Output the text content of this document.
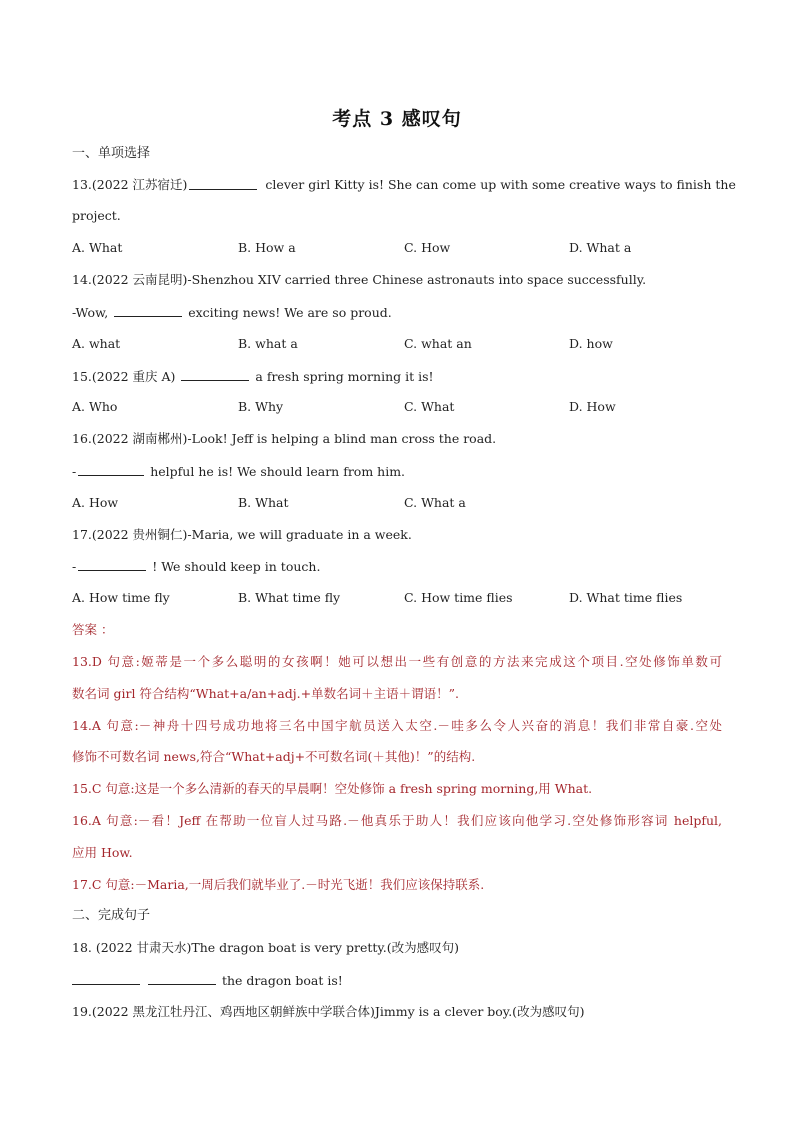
考点 3 感叹句
一、单项选择
13.(2022 江苏宿迁)	clever girl Kitty is! She can come up with some creative ways to finish the
project.
A. What	B. How a	C. How	D. What a
14.(2022 云南昆明)-Shenzhou XIV carried three Chinese astronauts into space successfully.
-Wow,	exciting news! We are so proud.
A. what	B. what a	C. what an	D. how
15.(2022 重庆 A)	a fresh spring morning it is!
A. Who	B. Why	C. What	D. How
16.(2022 湖南郴州)-Look! Jeff is helping a blind man cross the road.
-	helpful he is! We should learn from him.
A. How	B. What	C. What a
17.(2022 贵州铜仁)-Maria, we will graduate in a week.
-	! We should keep in touch.
A. How time fly	B. What time fly	C. How time flies	D. What time flies
答案 ：
13.D 句意:姬蒂是一个多么聪明的女孩啊！她可以想出一些有创意的方法来完成这个项目.空处修饰单数可
数名词 girl 符合结构“What+a/an+adj.+单数名词＋主语＋谓语！”.
14.A 句意:－神舟十四号成功地将三名中国宇航员送入太空.－哇多么令人兴奋的消息！我们非常自豪.空处
修饰不可数名词 news,符合“What+adj+不可数名词(＋其他)！”的结构.
15.C 句意:这是一个多么清新的春天的早晨啊！空处修饰 a fresh spring morning,用 What.
16.A 句意:－看！Jeff 在帮助一位盲人过马路.－他真乐于助人！我们应该向他学习.空处修饰形容词 helpful,
应用 How.
17.C 句意:－Maria,一周后我们就毕业了.－时光飞逝！我们应该保持联系.
二、完成句子
18. (2022 甘肃天水)The dragon boat is very pretty.(改为感叹句)
the dragon boat is!
19.(2022 黑龙江牡丹江、鸡西地区朝鲜族中学联合体)Jimmy is a clever boy.(改为感叹句)
